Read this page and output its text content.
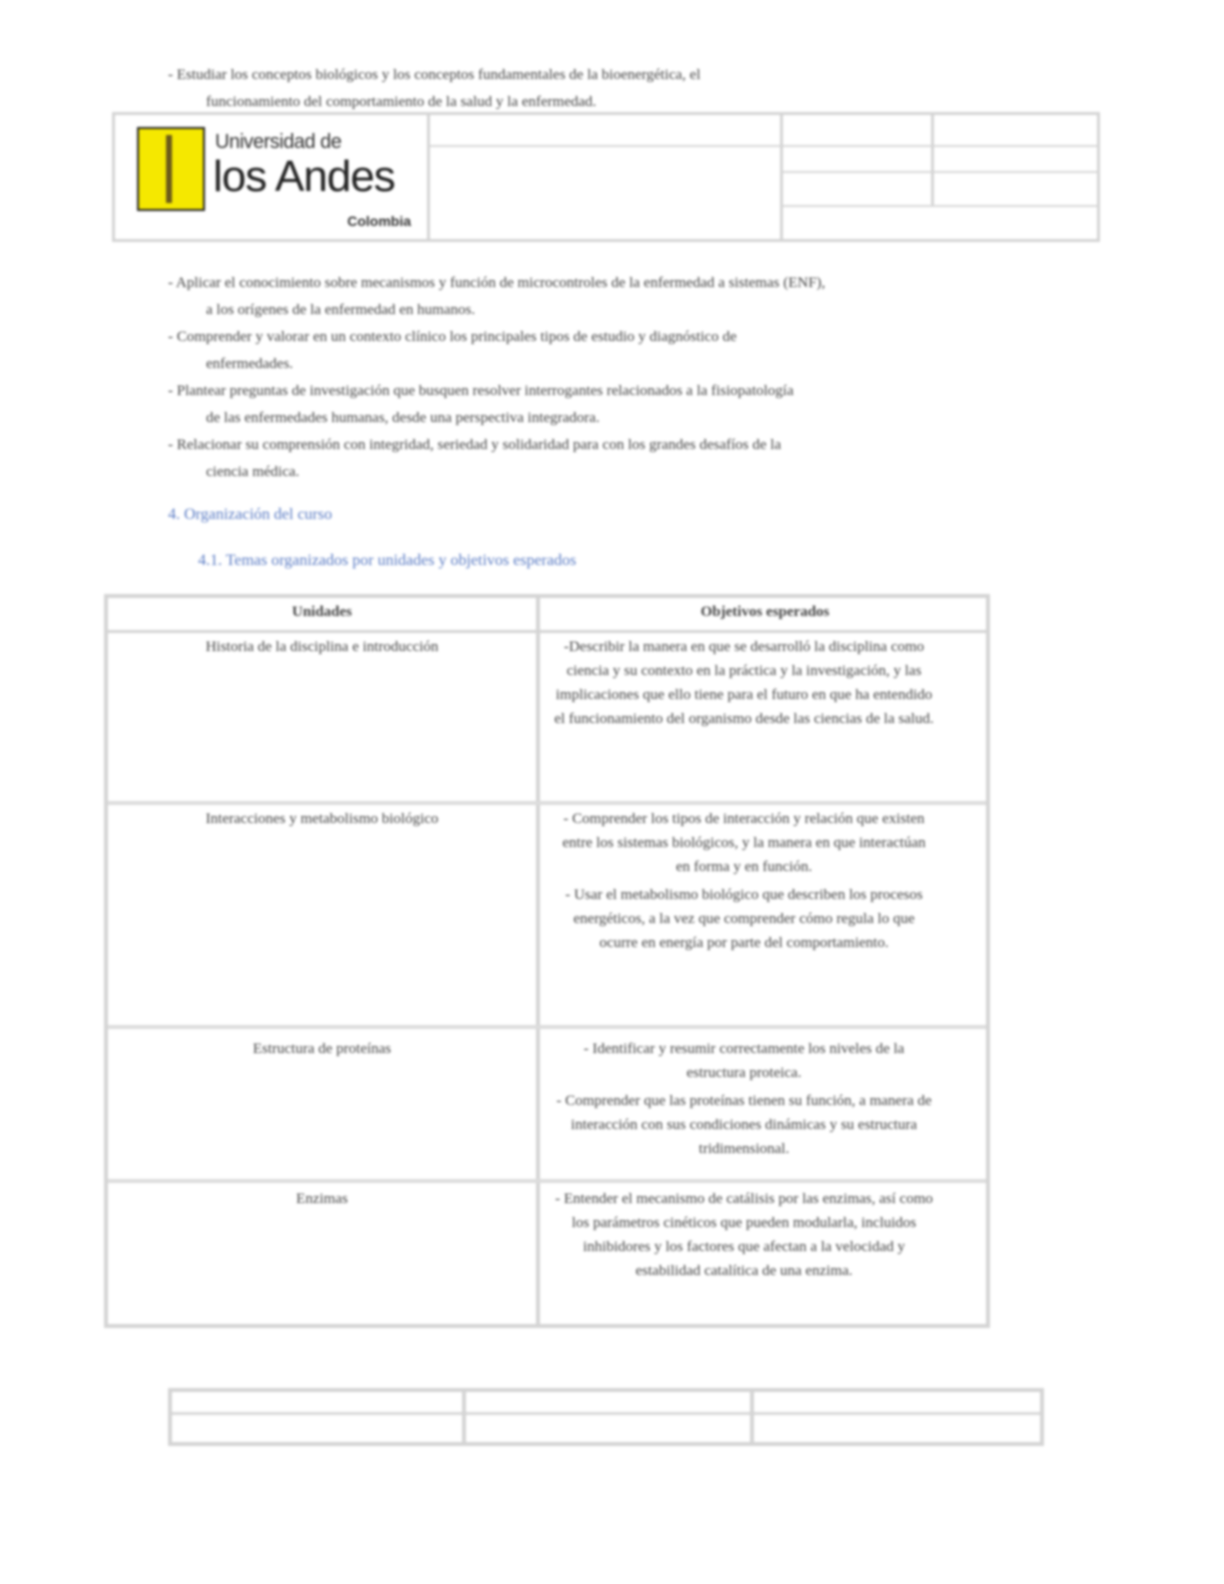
- Estudiar los conceptos biológicos y los conceptos fundamentales de la bioenergética, el

funcionamiento del comportamiento de la salud y la enfermedad.

Universidad de
los Andes
Colombia

- Aplicar el conocimiento sobre mecanismos y función de microcontroles de la enfermedad a sistemas (ENF),

a los orígenes de la enfermedad en humanos.

- Comprender y valorar en un contexto clínico los principales tipos de estudio y diagnóstico de

enfermedades.

- Plantear preguntas de investigación que busquen resolver interrogantes relacionados a la fisiopatología

de las enfermedades humanas, desde una perspectiva integradora.

- Relacionar su comprensión con integridad, seriedad y solidaridad para con los grandes desafíos de la

ciencia médica.

4. Organización del curso
4.1. Temas organizados por unidades y objetivos esperados
Unidades	Objetivos esperados
Historia de la disciplina e introducción	-Describir la manera en que se desarrolló la disciplina como ciencia y su contexto en la práctica y la investigación, y las implicaciones que ello tiene para el futuro en que ha entendido el funcionamiento del organismo desde las ciencias de la salud.

Interacciones y metabolismo biológico	- Comprender los tipos de interacción y relación que existen entre los sistemas biológicos, y la manera en que interactúan en forma y en función.

- Usar el metabolismo biológico que describen los procesos energéticos, a la vez que comprender cómo regula lo que ocurre en energía por parte del comportamiento.

Estructura de proteínas	- Identificar y resumir correctamente los niveles de la estructura proteica.

- Comprender que las proteínas tienen su función, a manera de interacción con sus condiciones dinámicas y su estructura tridimensional.

Enzimas	- Entender el mecanismo de catálisis por las enzimas, así como los parámetros cinéticos que pueden modularla, incluidos inhibidores y los factores que afectan a la velocidad y estabilidad catalítica de una enzima.
